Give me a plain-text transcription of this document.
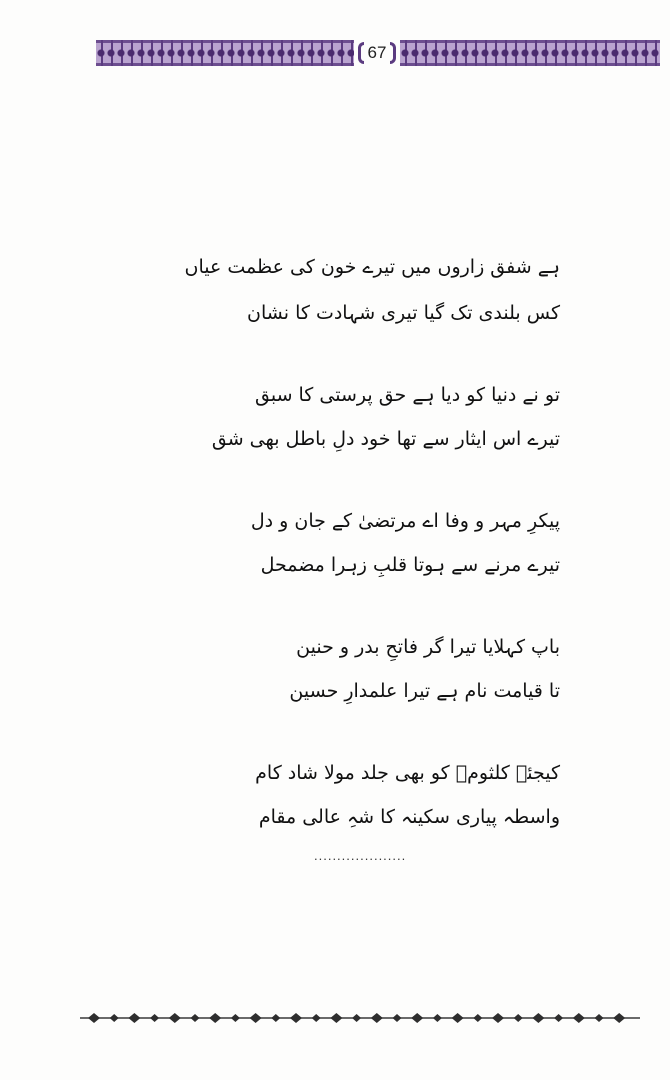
67
ہے شفق زاروں میں تیرے خون کی عظمت عیاں
کس بلندی تک گیا تیری شہادت کا نشان
تو نے دنیا کو دیا ہے حق پرستی کا سبق
تیرے اس ایثار سے تھا خود دلِ باطل بھی شق
پیکرِ مہر و وفا اے مرتضیٰ کے جان و دل
تیرے مرنے سے ہوتا قلبِ زہرا مضمحل
باپ کہلایا تیرا گر فاتحِ بدر و حنین
تا قیامت نام ہے تیرا علمدارِ حسین
کیجئے کلثومؑ کو بھی جلد مولا شاد کام
واسطہ پیاری سکینہ کا شہِ عالی مقام
....................
